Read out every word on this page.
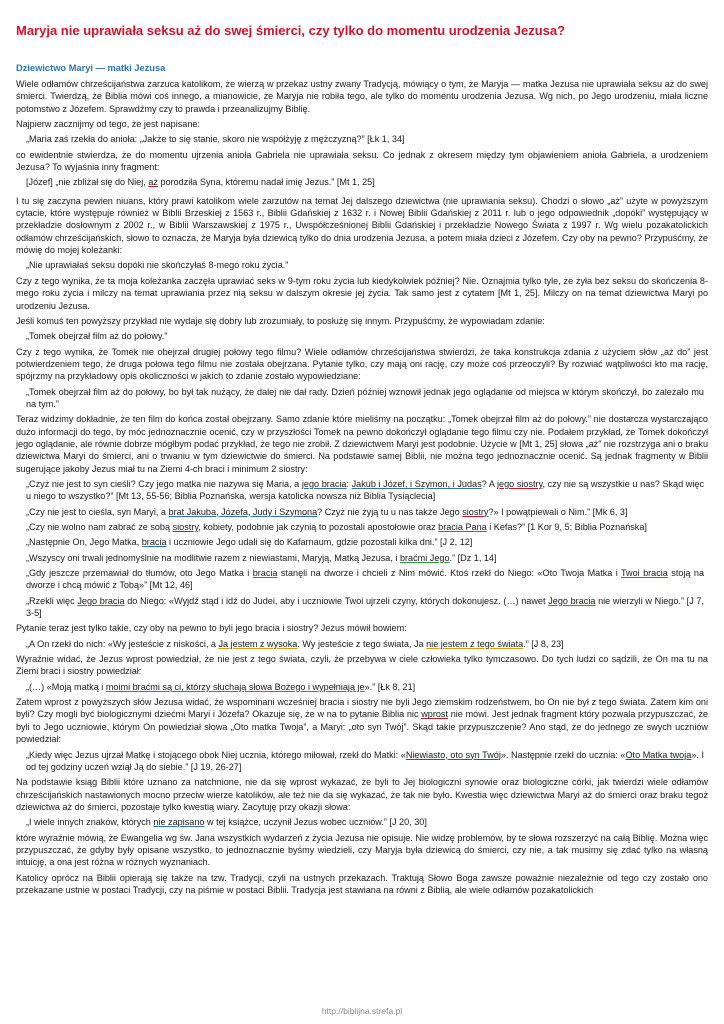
Maryja nie uprawiała seksu aż do swej śmierci, czy tylko do momentu urodzenia Jezusa?
Dziewictwo Maryi — matki Jezusa

Wiele odłamów chrześcijaństwa zarzuca katolikom, że wierzą w przekaz ustny zwany Tradycją, mówiący o tym, że Maryja — matka Jezusa nie uprawiała seksu aż do swej śmierci. Twierdzą, że Biblia mówi coś innego, a mianowicie, że Maryja nie robiła tego, ale tylko do momentu urodzenia Jezusa. Wg nich, po Jego urodzeniu, miała liczne potomstwo z Józefem. Sprawdźmy czy to prawda i przeanalizujmy Biblię.

Najpierw zacznijmy od tego, że jest napisane:

„Maria zaś rzekła do anioła: „Jakże to się stanie, skoro nie współżyję z mężczyzną?” [Łk 1, 34]

co ewidentnie stwierdza, że do momentu ujrzenia anioła Gabriela nie uprawiała seksu. Co jednak z okresem między tym objawieniem anioła Gabriela, a urodzeniem Jezusa? To wyjaśnia inny fragment:

[Józef] „nie zbliżał się do Niej, aż porodziła Syna, któremu nadał imię Jezus.” [Mt 1, 25]

I tu się zaczyna pewien niuans, który prawi katolikom wiele zarzutów na temat Jej dalszego dziewictwa (nie uprawiania seksu). Chodzi o słowo „aż” użyte w powyższym cytacie, które występuje również w Biblii Brzeskiej z 1563 r., Biblii Gdańskiej z 1632 r. i Nowej Biblii Gdańskiej z 2011 r. lub o jego odpowiednik „dopóki” występujący w przekładzie dosłownym z 2002 r., w Biblii Warszawskiej z 1975 r., Uwspółcześnionej Biblii Gdańskiej i przekładzie Nowego Świata z 1997 r. Wg wielu pozakatolickich odłamów chrześcijańskich, słowo to oznacza, że Maryja była dziewicą tylko do dnia urodzenia Jezusa, a potem miała dzieci z Józefem. Czy oby na pewno? Przypuśćmy, że mówię do mojej koleżanki:

„Nie uprawiałaś seksu dopóki nie skończyłaś 8-mego roku życia.”

Czy z tego wynika, że ta moja koleżanka zaczęła uprawiać seks w 9-tym roku życia lub kiedykolwiek później? Nie. Oznajmia tylko tyle, że żyła bez seksu do skończenia 8-mego roku życia i milczy na temat uprawiania przez nią seksu w dalszym okresie jej życia. Tak samo jest z cytatem [Mt 1, 25]. Milczy on na temat dziewictwa Maryi po urodzeniu Jezusa.

Jeśli komuś ten powyższy przykład nie wydaje się dobry lub zrozumiały, to posłużę się innym. Przypuśćmy, że wypowiadam zdanie:

„Tomek obejrzał film aż do połowy.”

Czy z tego wynika, że Tomek nie obejrzał drugiej połowy tego filmu? Wiele odłamów chrześcijaństwa stwierdzi, że taka konstrukcja zdania z użyciem słów „aż do” jest potwierdzeniem tego, że druga połowa tego filmu nie została obejrzana. Pytanie tylko, czy mają oni rację, czy może coś przeoczyli? By rozwiać wątpliwości kto ma rację, spójrzmy na przykładowy opis okoliczności w jakich to zdanie zostało wypowiedziane:

„Tomek obejrzał film aż do połowy, bo był tak nużący, że dalej nie dał rady. Dzień później wznowił jednak jego oglądanie od miejsca w którym skończył, bo zależało mu na tym.”

Teraz widzimy dokładnie, że ten film do końca został obejrzany. Samo zdanie które mieliśmy na początku: „Tomek obejrzał film aż do połowy.” nie dostarcza wystarczająco dużo informacji do tego, by móc jednoznacznie ocenić, czy w przyszłości Tomek na pewno dokończył oglądanie tego filmu czy nie. Podałem przykład, że Tomek dokończył jego oglądanie, ale równie dobrze mógłbym podać przykład, że tego nie zrobił. Z dziewictwem Maryi jest podobnie. Użycie w [Mt 1, 25] słowa „aż” nie rozstrzyga ani o braku dziewictwa Maryi do śmierci, ani o trwaniu w tym dziewictwie do śmierci. Na podstawie samej Biblii, nie można tego jednoznacznie ocenić. Są jednak fragmenty w Biblii sugerujące jakoby Jezus miał tu na Ziemi 4-ch braci i minimum 2 siostry:

„Czyż nie jest to syn cieśli? Czy jego matka nie nazywa się Maria, a jego bracia: Jakub i Józef, i Szymon, i Judas? A jego siostry, czy nie są wszystkie u nas? Skąd więc u niego to wszystko?” [Mt 13, 55-56; Biblia Poznańska, wersja katolicka nowsza niż Biblia Tysiąclecia]

„Czy nie jest to cieśla, syn Maryi, a brat Jakuba, Józefa, Judy i Szymona? Czyż nie żyją tu u nas także Jego siostry?» I powątpiewali o Nim.” [Mk 6, 3]

„Czy nie wolno nam zabrać ze sobą siostry, kobiety, podobnie jak czynią to pozostali apostołowie oraz bracia Pana i Kefas?” [1 Kor 9, 5; Biblia Poznańska]

„Następnie On, Jego Matka, bracia i uczniowie Jego udali się do Kafarnaum, gdzie pozostali kilka dni.” [J 2, 12]

„Wszyscy oni trwali jednomyślnie na modlitwie razem z niewiastami, Maryją, Matką Jezusa, i braćmi Jego.” [Dz 1, 14]

„Gdy jeszcze przemawiał do tłumów, oto Jego Matka i bracia stanęli na dworze i chcieli z Nim mówić. Ktoś rzekł do Niego: «Oto Twoja Matka i Twoi bracia stoją na dworze i chcą mówić z Tobą»” [Mt 12, 46]

„Rzekli więc Jego bracia do Niego: «Wyjdź stąd i idź do Judei, aby i uczniowie Twoi ujrzeli czyny, których dokonujesz. (…) nawet Jego bracia nie wierzyli w Niego.” [J 7, 3-5]

Pytanie teraz jest tylko takie, czy oby na pewno to byli jego bracia i siostry? Jezus mówił bowiem:

„A On rzekł do nich: «Wy jesteście z niskości, a Ja jestem z wysoka. Wy jesteście z tego świata, Ja nie jestem z tego świata.” [J 8, 23]

Wyraźnie widać, że Jezus wprost powiedział, że nie jest z tego świata, czyli, że przebywa w ciele człowieka tylko tymczasowo. Do tych ludzi co sądzili, że On ma tu na Ziemi braci i siostry powiedział:

„(…) «Moją matką i moimi braćmi są ci, którzy słuchają słowa Bożego i wypełniają je».” [Łk 8, 21]

Zatem wprost z powyższych słów Jezusa widać, że wspominani wcześniej bracia i siostry nie byli Jego ziemskim rodzeństwem, bo On nie był z tego świata. Zatem kim oni byli? Czy mogli być biologicznymi dziećmi Maryi i Józefa? Okazuje się, że w na to pytanie Biblia nic wprost nie mówi. Jest jednak fragment który pozwala przypuszczać, że byli to Jego uczniowie, którym On powiedział słowa „Oto matka Twoja”, a Maryi: „oto syn Twój”. Skąd takie przypuszczenie? Ano stąd, że do jednego ze swych uczniów powiedział:

„Kiedy więc Jezus ujrzał Matkę i stojącego obok Niej ucznia, którego miłował, rzekł do Matki: «Niewiasto, oto syn Twój». Następnie rzekł do ucznia: «Oto Matka twoja». I od tej godziny uczeń wziął Ją do siebie.” [J 19, 26-27]

Na podstawie ksiąg Biblii które uznano za natchnione, nie da się wprost wykazać, że byli to Jej biologiczni synowie oraz biologiczne córki, jak twierdzi wiele odłamów chrześcijańskich nastawionych mocno przeciw wierze katolików, ale też nie da się wykazać, że tak nie było. Kwestia więc dziewictwa Maryi aż do śmierci oraz braku tegoż dziewictwa aż do śmierci, pozostaje tylko kwestią wiary. Zacytuję przy okazji słowa:

„I wiele innych znaków, których nie zapisano w tej książce, uczynił Jezus wobec uczniów.” [J 20, 30]

które wyraźnie mówią, że Ewangelia wg św. Jana wszystkich wydarzeń z życia Jezusa nie opisuje. Nie widzę problemów, by te słowa rozszerzyć na całą Biblię. Można więc przypuszczać, że gdyby były opisane wszystko, to jednoznacznie byśmy wiedzieli, czy Maryja była dziewicą do śmierci, czy nie, a tak musimy się zdać tylko na własną intuicję, a ona jest różna w różnych wyznaniach.

Katolicy oprócz na Biblii opierają się także na tzw. Tradycji, czyli na ustnych przekazach. Traktują Słowo Boga zawsze poważnie niezależnie od tego czy zostało ono przekazane ustnie w postaci Tradycji, czy na piśmie w postaci Biblii. Tradycja jest stawiana na równi z Biblią, ale wiele odłamów pozakatolickich

http://biblijna.strefa.pl
